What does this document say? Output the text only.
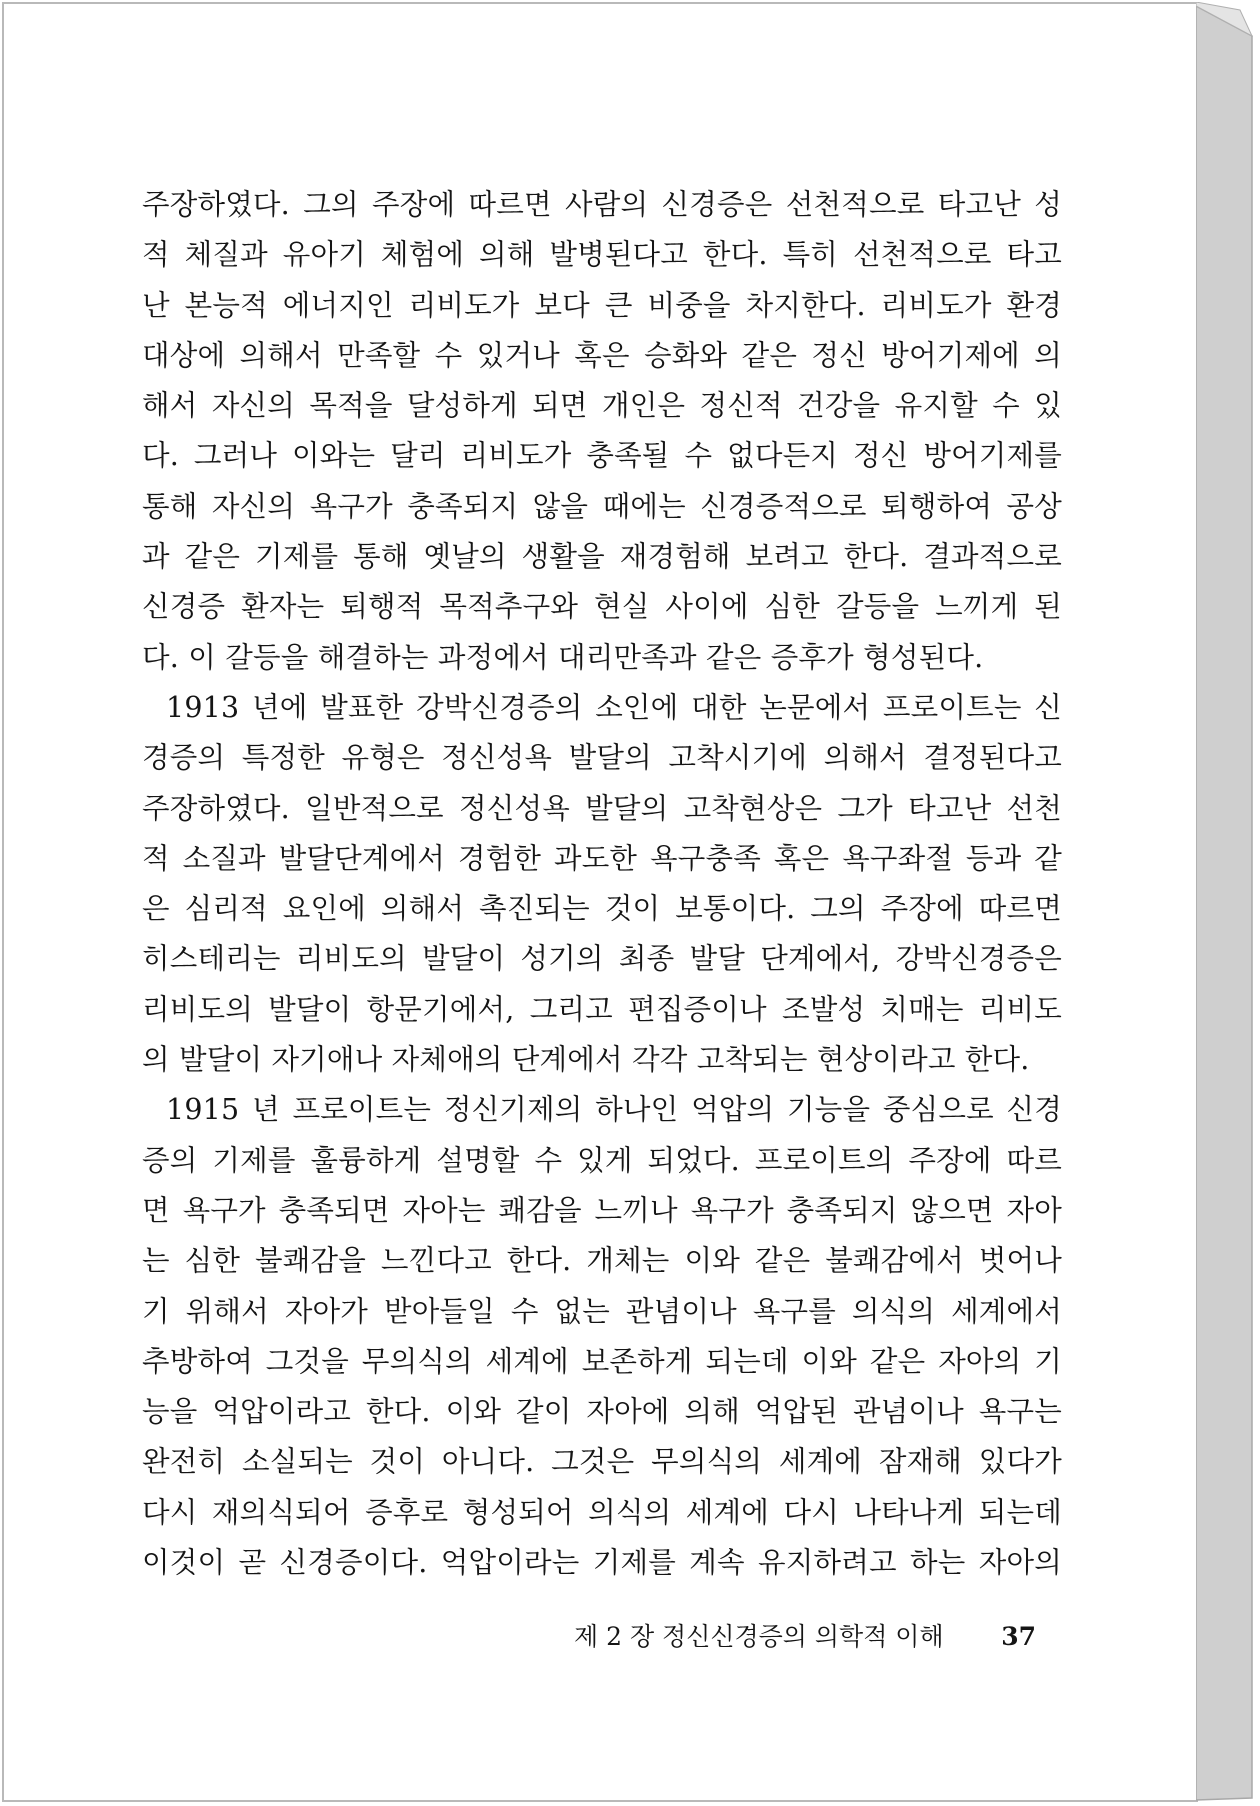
주장하였다. 그의 주장에 따르면 사람의 신경증은 선천적으로 타고난 성
적 체질과 유아기 체험에 의해 발병된다고 한다. 특히 선천적으로 타고
난 본능적 에너지인 리비도가 보다 큰 비중을 차지한다. 리비도가 환경
대상에 의해서 만족할 수 있거나 혹은 승화와 같은 정신 방어기제에 의
해서 자신의 목적을 달성하게 되면 개인은 정신적 건강을 유지할 수 있
다. 그러나 이와는 달리 리비도가 충족될 수 없다든지 정신 방어기제를
통해 자신의 욕구가 충족되지 않을 때에는 신경증적으로 퇴행하여 공상
과 같은 기제를 통해 옛날의 생활을 재경험해 보려고 한다. 결과적으로
신경증 환자는 퇴행적 목적추구와 현실 사이에 심한 갈등을 느끼게 된
다. 이 갈등을 해결하는 과정에서 대리만족과 같은 증후가 형성된다.
1913 년에 발표한 강박신경증의 소인에 대한 논문에서 프로이트는 신
경증의 특정한 유형은 정신성욕 발달의 고착시기에 의해서 결정된다고
주장하였다. 일반적으로 정신성욕 발달의 고착현상은 그가 타고난 선천
적 소질과 발달단계에서 경험한 과도한 욕구충족 혹은 욕구좌절 등과 같
은 심리적 요인에 의해서 촉진되는 것이 보통이다. 그의 주장에 따르면
히스테리는 리비도의 발달이 성기의 최종 발달 단계에서, 강박신경증은
리비도의 발달이 항문기에서, 그리고 편집증이나 조발성 치매는 리비도
의 발달이 자기애나 자체애의 단계에서 각각 고착되는 현상이라고 한다.
1915 년 프로이트는 정신기제의 하나인 억압의 기능을 중심으로 신경
증의 기제를 훌륭하게 설명할 수 있게 되었다. 프로이트의 주장에 따르
면 욕구가 충족되면 자아는 쾌감을 느끼나 욕구가 충족되지 않으면 자아
는 심한 불쾌감을 느낀다고 한다. 개체는 이와 같은 불쾌감에서 벗어나
기 위해서 자아가 받아들일 수 없는 관념이나 욕구를 의식의 세계에서
추방하여 그것을 무의식의 세계에 보존하게 되는데 이와 같은 자아의 기
능을 억압이라고 한다. 이와 같이 자아에 의해 억압된 관념이나 욕구는
완전히 소실되는 것이 아니다. 그것은 무의식의 세계에 잠재해 있다가
다시 재의식되어 증후로 형성되어 의식의 세계에 다시 나타나게 되는데
이것이 곧 신경증이다. 억압이라는 기제를 계속 유지하려고 하는 자아의
제 2 장 정신신경증의 의학적 이해 37
